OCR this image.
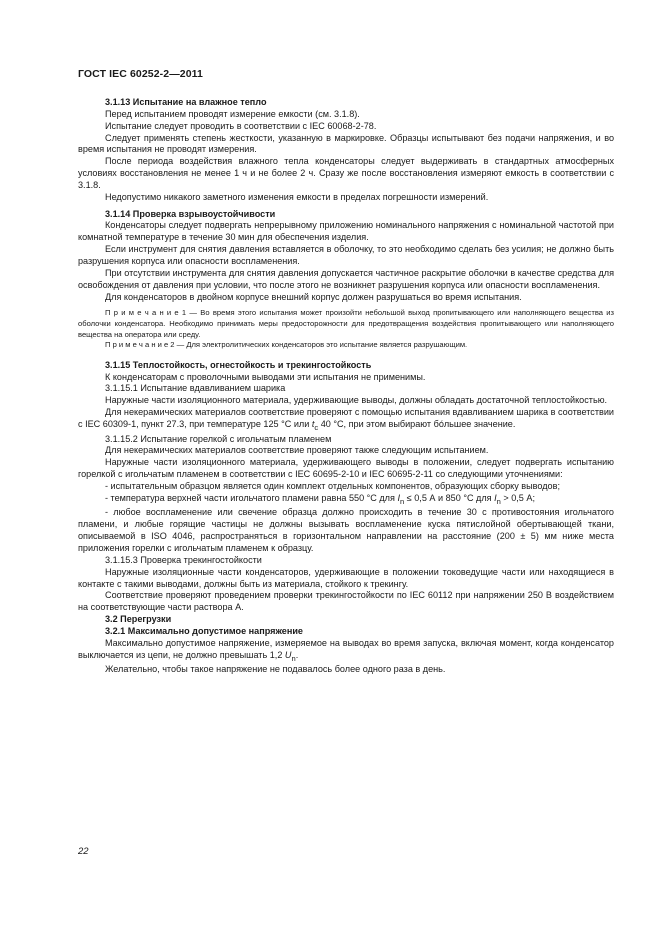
ГОСТ IEC 60252-2—2011

3.1.13 Испытание на влажное тепло

Перед испытанием проводят измерение емкости (см. 3.1.8).

Испытание следует проводить в соответствии с IEC 60068-2-78.

Следует применять степень жесткости, указанную в маркировке. Образцы испытывают без подачи напряжения, и во время испытания не проводят измерения.

После периода воздействия влажного тепла конденсаторы следует выдерживать в стандартных атмосферных условиях восстановления не менее 1 ч и не более 2 ч. Сразу же после восстановления измеряют емкость в соответствии с 3.1.8.

Недопустимо никакого заметного изменения емкости в пределах погрешности измерений.

3.1.14 Проверка взрывоустойчивости

Конденсаторы следует подвергать непрерывному приложению номинального напряжения с номинальной частотой при комнатной температуре в течение 30 мин для обеспечения изделия.

Если инструмент для снятия давления вставляется в оболочку, то это необходимо сделать без усилия; не должно быть разрушения корпуса или опасности воспламенения.

При отсутствии инструмента для снятия давления допускается частичное раскрытие оболочки в качестве средства для освобождения от давления при условии, что после этого не возникнет разрушения корпуса или опасности воспламенения.

Для конденсаторов в двойном корпусе внешний корпус должен разрушаться во время испытания.

П р и м е ч а н и е 1 — Во время этого испытания может произойти небольшой выход пропитывающего или наполняющего вещества из оболочки конденсатора. Необходимо принимать меры предосторожности для предотвращения воздействия пропитывающего или наполняющего вещества на оператора или среду.

П р и м е ч а н и е 2 — Для электролитических конденсаторов это испытание является разрушающим.

3.1.15 Теплостойкость, огнестойкость и трекингостойкость

К конденсаторам с проволочными выводами эти испытания не применимы.

3.1.15.1 Испытание вдавливанием шарика

Наружные части изоляционного материала, удерживающие выводы, должны обладать достаточной теплостойкостью.

Для некерамических материалов соответствие проверяют с помощью испытания вдавливанием шарика в соответствии с IEC 60309-1, пункт 27.3, при температуре 125 °С или $t_c$ 40 °С, при этом выбирают бóльшее значение.

3.1.15.2 Испытание горелкой с игольчатым пламенем

Для некерамических материалов соответствие проверяют также следующим испытанием.

Наружные части изоляционного материала, удерживающего выводы в положении, следует подвергать испытанию горелкой с игольчатым пламенем в соответствии с IEC 60695-2-10 и IEC 60695-2-11 со следующими уточнениями:

- испытательным образцом является один комплект отдельных компонентов, образующих сборку выводов;

- температура верхней части игольчатого пламени равна 550 °С для $I_n \le 0,5$ А и 850 °С для $I_n > 0,5$ А;

- любое воспламенение или свечение образца должно происходить в течение 30 с противостояния игольчатого пламени, и любые горящие частицы не должны вызывать воспламенение куска пятислойной обертывающей ткани, описываемой в ISO 4046, распространяться в горизонтальном направлении на расстояние (200 ± 5) мм ниже места приложения горелки с игольчатым пламенем к образцу.

3.1.15.3 Проверка трекингостойкости

Наружные изоляционные части конденсаторов, удерживающие в положении токоведущие части или находящиеся в контакте с такими выводами, должны быть из материала, стойкого к трекингу.

Соответствие проверяют проведением проверки трекингостойкости по IEC 60112 при напряжении 250 В воздействием на соответствующие части раствора А.

3.2 Перегрузки

3.2.1 Максимально допустимое напряжение

Максимально допустимое напряжение, измеряемое на выводах во время запуска, включая момент, когда конденсатор выключается из цепи, не должно превышать 1,2 $U_n$.

Желательно, чтобы такое напряжение не подавалось более одного раза в день.

22
